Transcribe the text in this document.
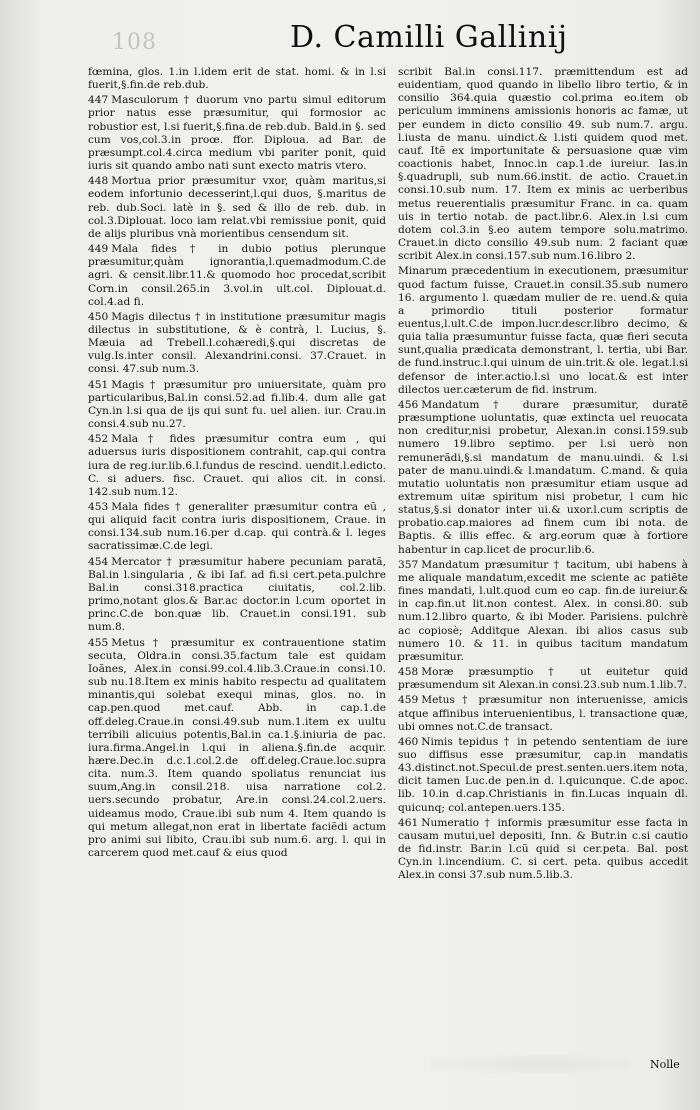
108	D. Camilli Gallinij

fœmina, glos. 1.in l.idem erit de stat. homi. & in l.si fuerit,§.fin.de reb.dub.

447 Masculorum † duorum vno partu simul editorum prior natus esse præsumitur, qui formosior ac robustior est, l.si fuerit,§.fina.de reb.dub. Bald.in §. sed cum vos,col.3.in proœ. ffor. Diploua. ad Bar. de præsumpt.col.4.circa medium vbi pariter ponit, quid iuris sit quando ambo nati sunt execto matris vtero.

448 Mortua prior præsumitur vxor, quàm maritus,si eodem infortunio decesserint,l.qui duos, §.maritus de reb. dub.Soci. latè in §. sed & illo de reb. dub. in col.3.Diplouat. loco iam relat.vbi remissiue ponit, quid de alijs pluribus vnà morientibus censendum sit.

449 Mala fides † in dubio potius plerunque præsumitur,quàm ignorantia,l.quemadmodum.C.de agri. & censit.libr.11.& quomodo hoc procedat,scribit Corn.in consil.265.in 3.vol.in ult.col. Diplouat.d. col.4.ad fi.

450 Magis dilectus † in institutione præsumitur magis dilectus in substitutione, & è contrà, l. Lucius, §. Mæuia ad Trebell.l.cohæredi,§.qui discretas de vulg.Is.inter consil. Alexandrini.consi. 37.Crauet. in consi. 47.sub num.3.

451 Magis † præsumitur pro uniuersitate, quàm pro particularibus,Bal.in consi.52.ad fi.lib.4. dum alle gat Cyn.in l.si qua de ijs qui sunt fu. uel alien. iur. Crau.in consi.4.sub nu.27.

452 Mala † fides præsumitur contra eum , qui aduersus iuris dispositionem contrahit, cap.qui contra iura de reg.iur.lib.6.l.fundus de rescind. uendit.l.edicto. C. si aduers. fisc. Crauet. qui alios cit. in consi. 142.sub num.12.

453 Mala fides † generaliter præsumitur contra eũ , qui aliquid facit contra iuris dispositionem, Craue. in consi.134.sub num.16.per d.cap. qui contrà.& l. leges sacratissimæ.C.de legi.

454 Mercator † præsumitur habere pecuniam paratã, Bal.in l.singularia , & ibi Iaf. ad fi.si cert.peta.pulchre Bal.in consi.318.practica ciuitatis, col.2.lib. primo,notant glos.& Bar.ac doctor.in l.cum oportet in princ.C.de bon.quæ lib. Crauet.in consi.191. sub num.8.

455 Metus † præsumitur ex contrauentione statim secuta, Oldra.in consi.35.factum tale est quidam Ioãnes, Alex.in consi.99.col.4.lib.3.Craue.in consi.10. sub nu.18.Item ex minis habito respectu ad qualitatem minantis,qui solebat exequi minas, glos. no. in cap.pen.quod met.cauf. Abb. in cap.1.de off.deleg.Craue.in consi.49.sub num.1.item ex uultu terribili alicuius potentis,Bal.in ca.1.§.iniuria de pac. iura.firma.Angel.in l.qui in aliena.§.fin.de acquir. hære.Dec.in d.c.1.col.2.de off.deleg.Craue.loc.supra cita. num.3. Item quando spoliatus renunciat ius suum,Ang.in consil.218. uisa narratione col.2. uers.secundo probatur, Are.in consi.24.col.2.uers. uideamus modo, Craue.ibi sub num 4. Item quando is qui metum allegat,non erat in libertate faciẽdi actum pro animi sui libito, Crau.ibi sub num.6. arg. l. qui in carcerem quod met.cauf & eius quod

scribit Bal.in consi.117. præmittendum est ad euidentiam, quod quando in libello libro tertio, & in consilio 364.quia quæstio col.prima eo.item ob periculum imminens amissionis honoris ac famæ, ut per eundem in dicto consilio 49. sub num.7. argu. l.iusta de manu. uindict.& l.isti quidem quod met. cauf. Itẽ ex importunitate & persuasione quæ vim coactionis habet, Innoc.in cap.1.de iureiur. Ias.in §.quadrupli, sub num.66.instit. de actio. Crauet.in consi.10.sub num. 17. Item ex minis ac uerberibus metus reuerentialis præsumitur Franc. in ca. quam uis in tertio notab. de pact.libr.6. Alex.in l.si cum dotem col.3.in §.eo autem tempore solu.matrimo. Crauet.in dicto consilio 49.sub num. 2 faciant quæ scribit Alex.in consi.157.sub num.16.libro 2.

Minarum præcedentium in executionem, præsumitur quod factum fuisse, Crauet.in consil.35.sub numero 16. argumento l. quædam mulier de re. uend.& quia a primordio tituli posterior formatur euentus,l.ult.C.de impon.lucr.descr.libro decimo, & quia talia præsumuntur fuisse facta, quæ fieri secuta sunt,qualia prædicata demonstrant, l. tertia, ubi Bar. de fund.instruc.l.qui uinum de uin.trit.& ole. legat.l.si defensor de inter.actio.l.si uno locat.& est inter dilectos uer.cæterum de fid. instrum.

456 Mandatum † durare præsumitur, duratẽ præsumptione uoluntatis, quæ extincta uel reuocata non creditur,nisi probetur, Alexan.in consi.159.sub numero 19.libro septimo. per l.si uerò non remunerãdi,§.si mandatum de manu.uindi. & l.si pater de manu.uindi.& l.mandatum. C.mand. & quia mutatio uoluntatis non præsumitur etiam usque ad extremum uitæ spiritum nisi probetur, l cum hic status,§.si donator inter ui.& uxor.l.cum scriptis de probatio.cap.maiores ad finem cum ibi nota. de Baptis. & illis effec. & arg.eorum quæ à fortiore habentur in cap.licet de procur.lib.6.

357 Mandatum præsumitur † tacitum, ubi habens à me aliquale mandatum,excedit me sciente ac patiẽte fines mandati, l.ult.quod cum eo cap. fin.de iureiur.& in cap.fin.ut lit.non contest. Alex. in consi.80. sub num.12.libro quarto, & ibi Moder. Parisiens. pulchrè ac copiosè; Additque Alexan. ibi alios casus sub numero 10. & 11. in quibus tacitum mandatum præsumitur.

458 Moræ præsumptio † ut euitetur quid præsumendum sit Alexan.in consi.23.sub num.1.lib.7.

459 Metus † præsumitur non interuenisse, amicis atque affinibus interuenientibus, l. transactione quæ, ubi omnes not.C.de transact.

460 Nimis tepidus † in petendo sententiam de iure suo diffisus esse præsumitur, cap.in mandatis 43.distinct.not.Specul.de prest.senten.uers.item nota, dicit tamen Luc.de pen.in d. l.quicunque. C.de apoc. lib. 10.in d.cap.Christianis in fin.Lucas inquain dl. quicunq; col.antepen.uers.135.

461 Numeratio † informis præsumitur esse facta in causam mutui,uel depositi, Inn. & Butr.in c.si cautio de fid.instr. Bar.in l.cũ quid si cer.peta. Bal. post Cyn.in l.incendium. C. si cert. peta. quibus accedit Alex.in consi 37.sub num.5.lib.3.

Nolle
